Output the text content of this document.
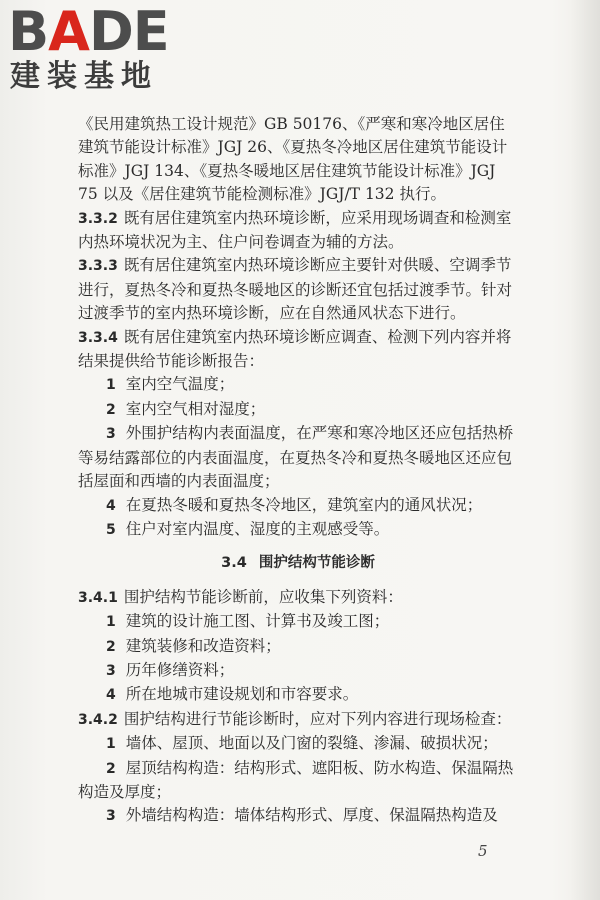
BADE
建装基地

《民用建筑热工设计规范》GB 50176、《严寒和寒冷地区居住建筑节能设计标准》JGJ 26、《夏热冬冷地区居住建筑节能设计标准》JGJ 134、《夏热冬暖地区居住建筑节能设计标准》JGJ 75 以及《居住建筑节能检测标准》JGJ/T 132 执行。

3.3.2 既有居住建筑室内热环境诊断，应采用现场调查和检测室内热环境状况为主、住户问卷调查为辅的方法。

3.3.3 既有居住建筑室内热环境诊断应主要针对供暖、空调季节进行，夏热冬冷和夏热冬暖地区的诊断还宜包括过渡季节。针对过渡季节的室内热环境诊断，应在自然通风状态下进行。

3.3.4 既有居住建筑室内热环境诊断应调查、检测下列内容并将结果提供给节能诊断报告：

1 室内空气温度；

2 室内空气相对湿度；

3 外围护结构内表面温度，在严寒和寒冷地区还应包括热桥等易结露部位的内表面温度，在夏热冬冷和夏热冬暖地区还应包括屋面和西墙的内表面温度；

4 在夏热冬暖和夏热冬冷地区，建筑室内的通风状况；

5 住户对室内温度、湿度的主观感受等。

3.4 围护结构节能诊断

3.4.1 围护结构节能诊断前，应收集下列资料：

1 建筑的设计施工图、计算书及竣工图；

2 建筑装修和改造资料；

3 历年修缮资料；

4 所在地城市建设规划和市容要求。

3.4.2 围护结构进行节能诊断时，应对下列内容进行现场检查：

1 墙体、屋顶、地面以及门窗的裂缝、渗漏、破损状况；

2 屋顶结构构造：结构形式、遮阳板、防水构造、保温隔热构造及厚度；

3 外墙结构构造：墙体结构形式、厚度、保温隔热构造及

5
